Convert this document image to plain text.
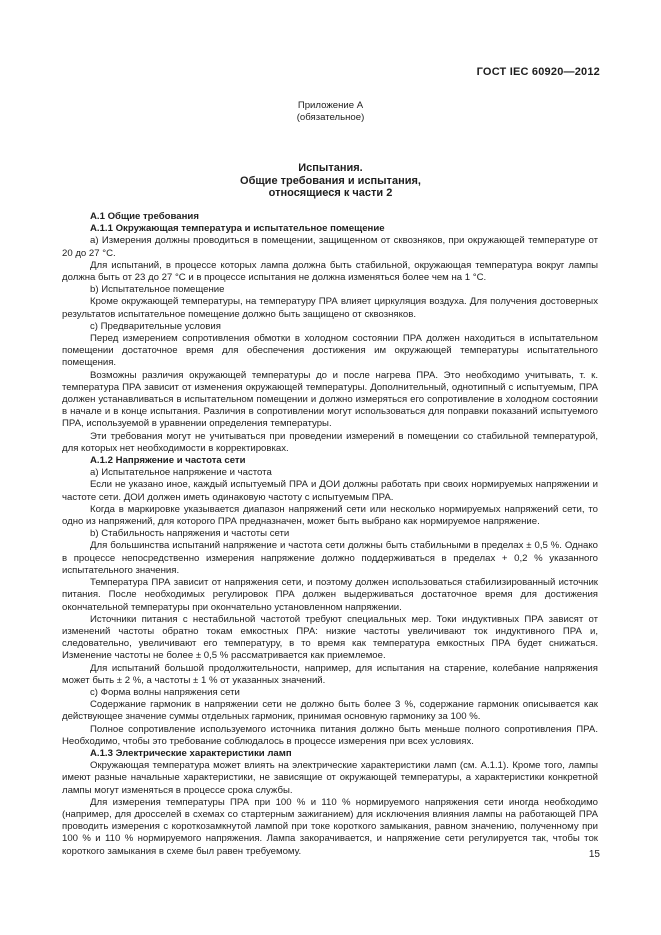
ГОСТ IEC 60920—2012
Приложение А
(обязательное)
Испытания.
Общие требования и испытания,
относящиеся к части 2

A.1 Общие требования

A.1.1 Окружающая температура и испытательное помещение

а) Измерения должны проводиться в помещении, защищенном от сквозняков, при окружающей температуре от 20 до 27 °С.

Для испытаний, в процессе которых лампа должна быть стабильной, окружающая температура вокруг лампы должна быть от 23 до 27 °С и в процессе испытания не должна изменяться более чем на 1 °С.

b) Испытательное помещение

Кроме окружающей температуры, на температуру ПРА влияет циркуляция воздуха. Для получения достоверных результатов испытательное помещение должно быть защищено от сквозняков.

с) Предварительные условия

Перед измерением сопротивления обмотки в холодном состоянии ПРА должен находиться в испытательном помещении достаточное время для обеспечения достижения им окружающей температуры испытательного помещения.

Возможны различия окружающей температуры до и после нагрева ПРА. Это необходимо учитывать, т. к. температура ПРА зависит от изменения окружающей температуры. Дополнительный, однотипный с испытуемым, ПРА должен устанавливаться в испытательном помещении и должно измеряться его сопротивление в холодном состоянии в начале и в конце испытания. Различия в сопротивлении могут использоваться для поправки показаний испытуемого ПРА, используемой в уравнении определения температуры.

Эти требования могут не учитываться при проведении измерений в помещении со стабильной температурой, для которых нет необходимости в корректировках.

A.1.2 Напряжение и частота сети

а) Испытательное напряжение и частота

Если не указано иное, каждый испытуемый ПРА и ДОИ должны работать при своих нормируемых напряжении и частоте сети. ДОИ должен иметь одинаковую частоту с испытуемым ПРА.

Когда в маркировке указывается диапазон напряжений сети или несколько нормируемых напряжений сети, то одно из напряжений, для которого ПРА предназначен, может быть выбрано как нормируемое напряжение.

b) Стабильность напряжения и частоты сети

Для большинства испытаний напряжение и частота сети должны быть стабильными в пределах ± 0,5 %. Однако в процессе непосредственно измерения напряжение должно поддерживаться в пределах + 0,2 % указанного испытательного значения.

Температура ПРА зависит от напряжения сети, и поэтому должен использоваться стабилизированный источник питания. После необходимых регулировок ПРА должен выдерживаться достаточное время для достижения окончательной температуры при окончательно установленном напряжении.

Источники питания с нестабильной частотой требуют специальных мер. Токи индуктивных ПРА зависят от изменений частоты обратно токам емкостных ПРА: низкие частоты увеличивают ток индуктивного ПРА и, следовательно, увеличивают его температуру, в то время как температура емкостных ПРА будет снижаться. Изменение частоты не более ± 0,5 % рассматривается как приемлемое.

Для испытаний большой продолжительности, например, для испытания на старение, колебание напряжения может быть ± 2 %, а частоты ± 1 % от указанных значений.

с) Форма волны напряжения сети

Содержание гармоник в напряжении сети не должно быть более 3 %, содержание гармоник описывается как действующее значение суммы отдельных гармоник, принимая основную гармонику за 100 %.

Полное сопротивление используемого источника питания должно быть меньше полного сопротивления ПРА. Необходимо, чтобы это требование соблюдалось в процессе измерения при всех условиях.

A.1.3 Электрические характеристики ламп

Окружающая температура может влиять на электрические характеристики ламп (см. А.1.1). Кроме того, лампы имеют разные начальные характеристики, не зависящие от окружающей температуры, а характеристики конкретной лампы могут изменяться в процессе срока службы.

Для измерения температуры ПРА при 100 % и 110 % нормируемого напряжения сети иногда необходимо (например, для дросселей в схемах со стартерным зажиганием) для исключения влияния лампы на работающей ПРА проводить измерения с короткозамкнутой лампой при токе короткого замыкания, равном значению, полученному при 100 % и 110 % нормируемого напряжения. Лампа закорачивается, и напряжение сети регулируется так, чтобы ток короткого замыкания в схеме был равен требуемому.	15
